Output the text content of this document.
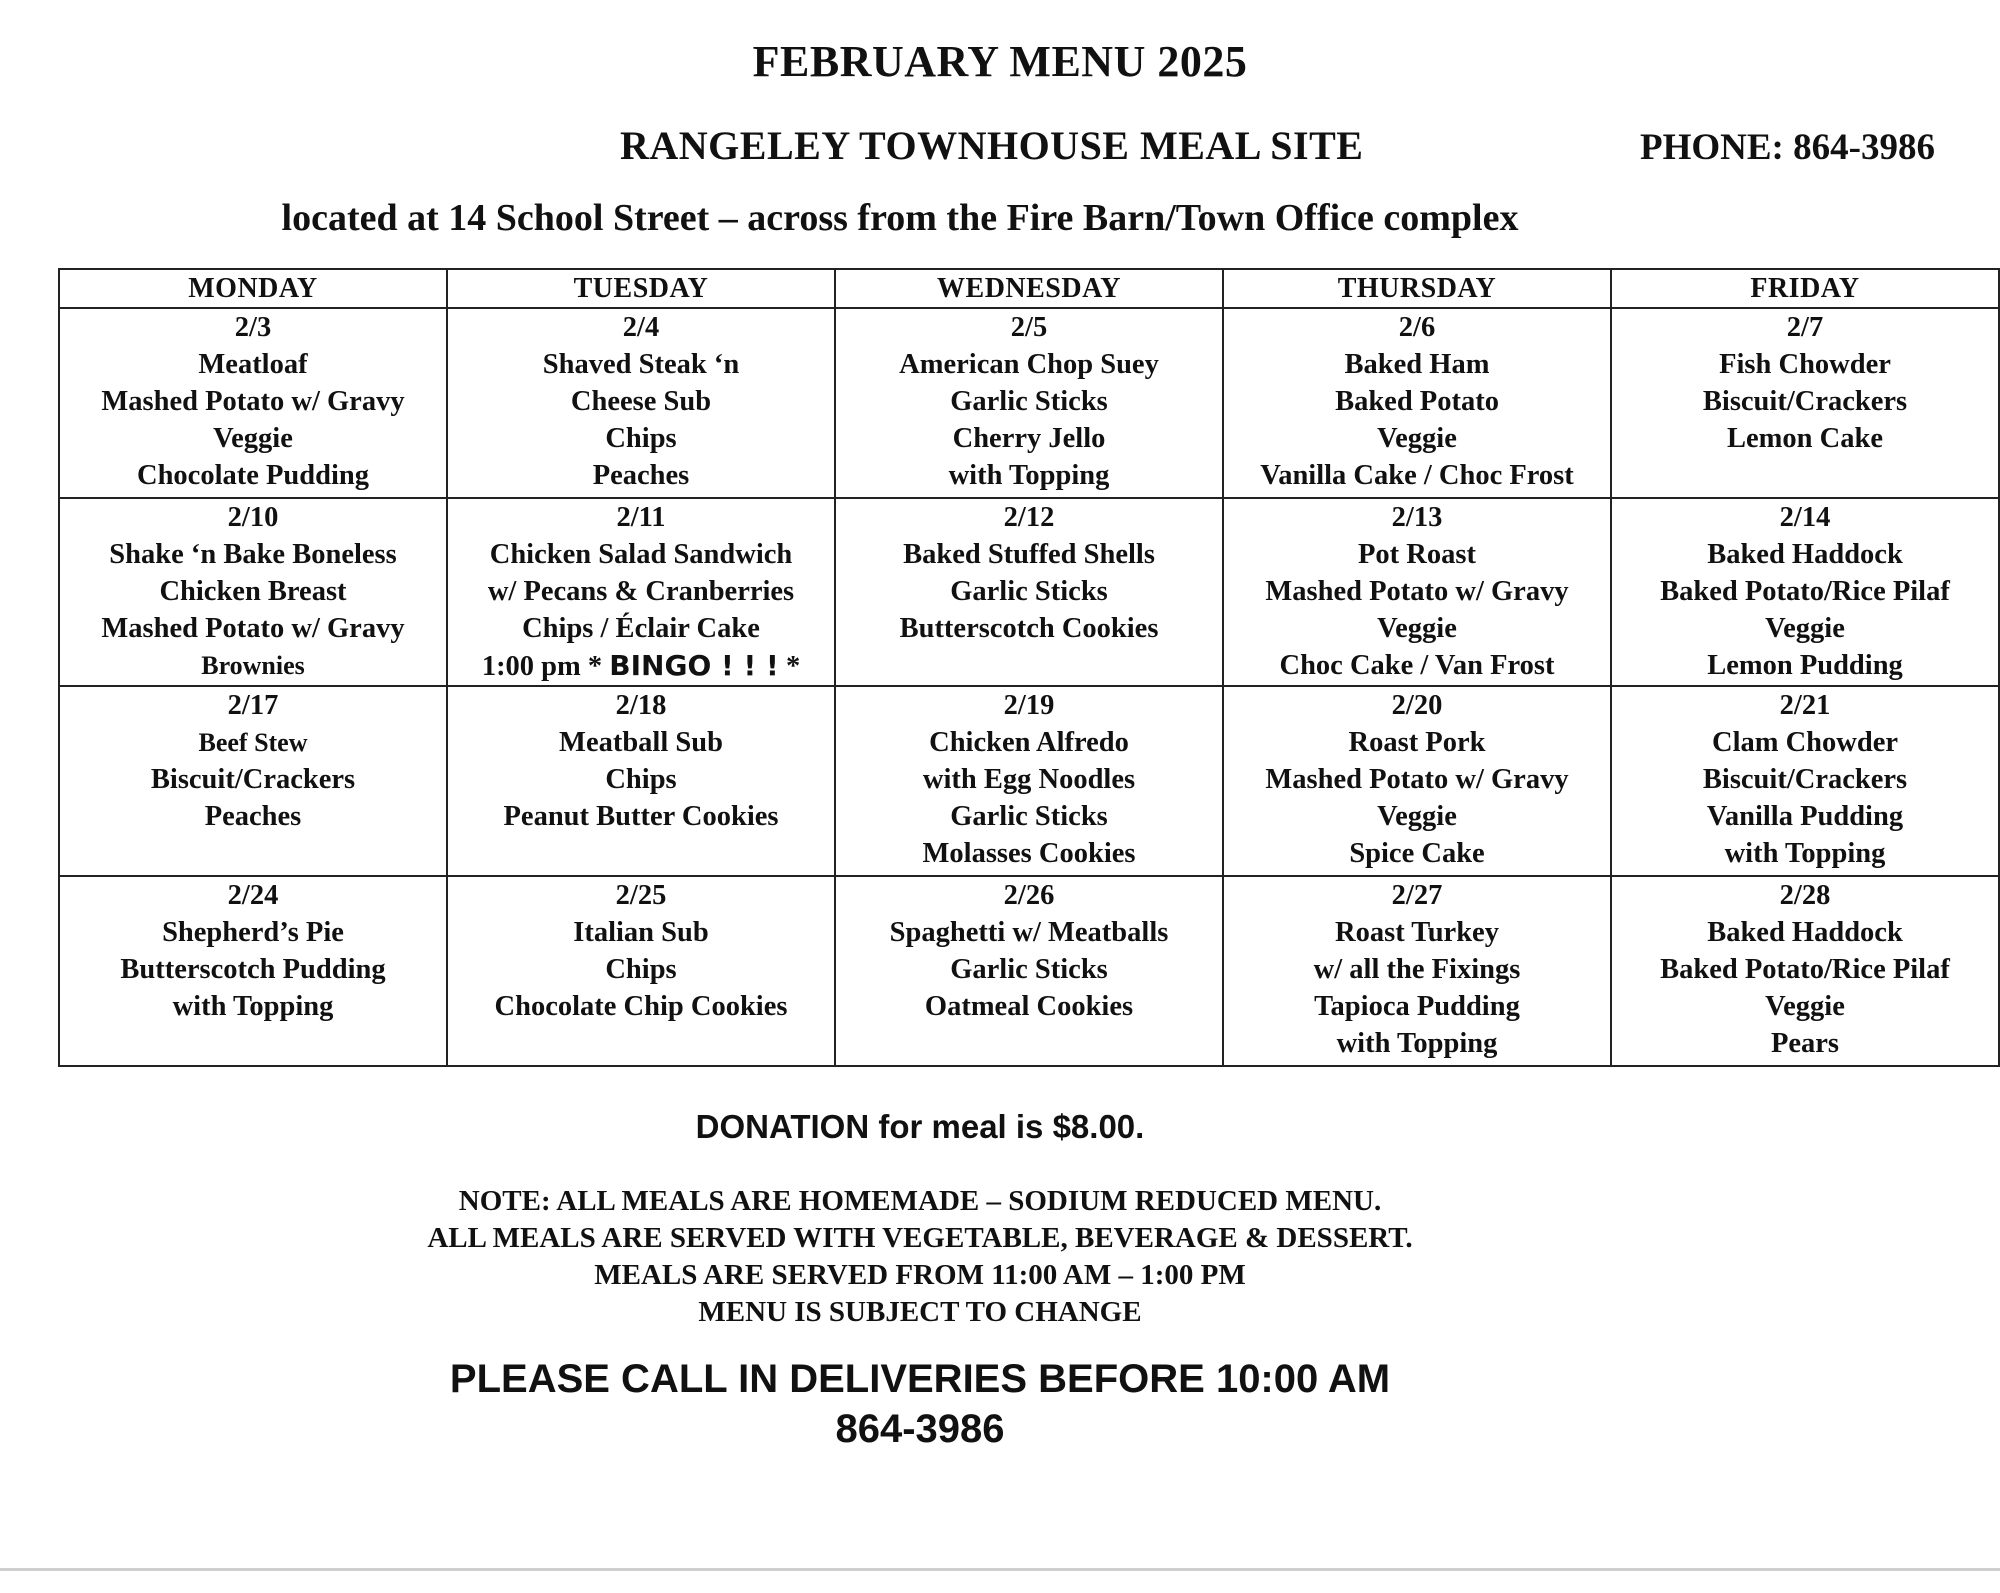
FEBRUARY MENU 2025
RANGELEY TOWNHOUSE MEAL SITE	PHONE: 864-3986
located at 14 School Street – across from the Fire Barn/Town Office complex
MONDAY	TUESDAY	WEDNESDAY	THURSDAY	FRIDAY

2/3
Meatloaf
Mashed Potato w/ Gravy
Veggie
Chocolate Pudding	2/4
Shaved Steak ‘n
Cheese Sub
Chips
Peaches	2/5
American Chop Suey
Garlic Sticks
Cherry Jello
with Topping	2/6
Baked Ham
Baked Potato
Veggie
Vanilla Cake / Choc Frost	2/7
Fish Chowder
Biscuit/Crackers
Lemon Cake

2/10
Shake ‘n Bake Boneless
Chicken Breast
Mashed Potato w/ Gravy
Brownies	2/11
Chicken Salad Sandwich
w/ Pecans & Cranberries
Chips / Éclair Cake
1:00 pm * BINGO ! ! ! *	2/12
Baked Stuffed Shells
Garlic Sticks
Butterscotch Cookies	2/13
Pot Roast
Mashed Potato w/ Gravy
Veggie
Choc Cake / Van Frost	2/14
Baked Haddock
Baked Potato/Rice Pilaf
Veggie
Lemon Pudding

2/17
Beef Stew
Biscuit/Crackers
Peaches	2/18
Meatball Sub
Chips
Peanut Butter Cookies	2/19
Chicken Alfredo
with Egg Noodles
Garlic Sticks
Molasses Cookies	2/20
Roast Pork
Mashed Potato w/ Gravy
Veggie
Spice Cake	2/21
Clam Chowder
Biscuit/Crackers
Vanilla Pudding
with Topping

2/24
Shepherd’s Pie
Butterscotch Pudding
with Topping	2/25
Italian Sub
Chips
Chocolate Chip Cookies	2/26
Spaghetti w/ Meatballs
Garlic Sticks
Oatmeal Cookies	2/27
Roast Turkey
w/ all the Fixings
Tapioca Pudding
with Topping	2/28
Baked Haddock
Baked Potato/Rice Pilaf
Veggie
Pears
DONATION for meal is $8.00.
NOTE: ALL MEALS ARE HOMEMADE – SODIUM REDUCED MENU.
ALL MEALS ARE SERVED WITH VEGETABLE, BEVERAGE & DESSERT.
MEALS ARE SERVED FROM 11:00 AM – 1:00 PM
MENU IS SUBJECT TO CHANGE
PLEASE CALL IN DELIVERIES BEFORE 10:00 AM
864-3986
